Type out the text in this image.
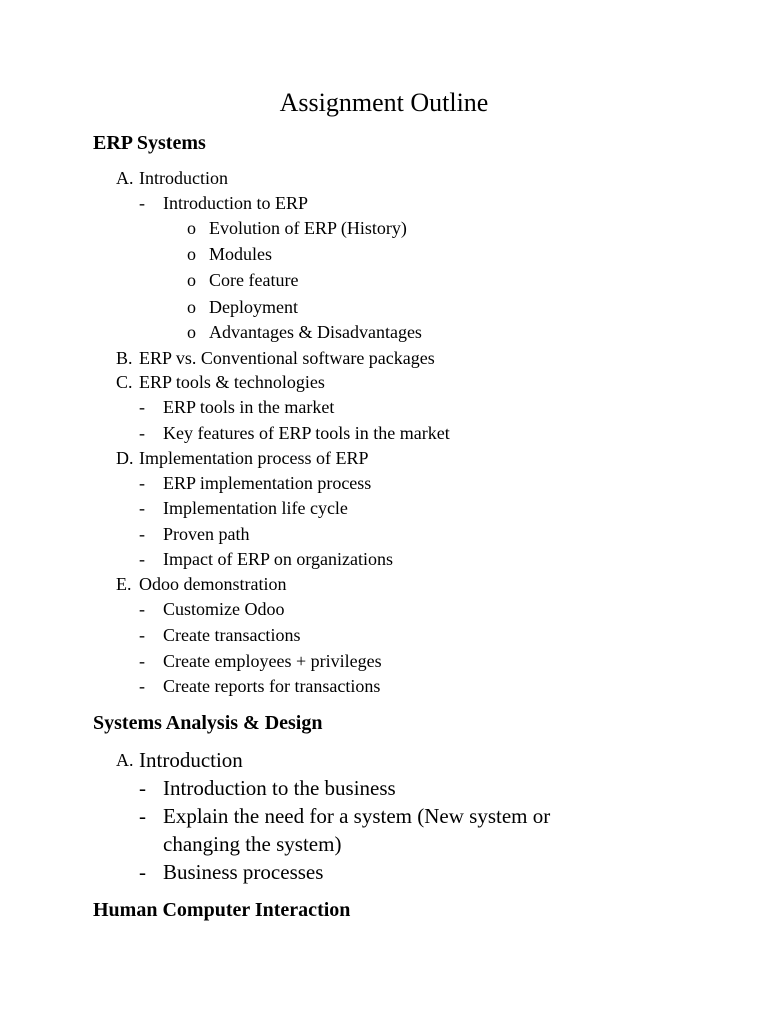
Assignment Outline
ERP Systems
A. Introduction
- Introduction to ERP
o Evolution of ERP (History)
o Modules
o Core feature
o Deployment
o Advantages & Disadvantages
B. ERP vs. Conventional software packages
C. ERP tools & technologies
- ERP tools in the market
- Key features of ERP tools in the market
D. Implementation process of ERP
- ERP implementation process
- Implementation life cycle
- Proven path
- Impact of ERP on organizations
E. Odoo demonstration
- Customize Odoo
- Create transactions
- Create employees + privileges
- Create reports for transactions
Systems Analysis & Design
A. Introduction
- Introduction to the business
- Explain the need for a system (New system or
changing the system)
- Business processes
Human Computer Interaction
